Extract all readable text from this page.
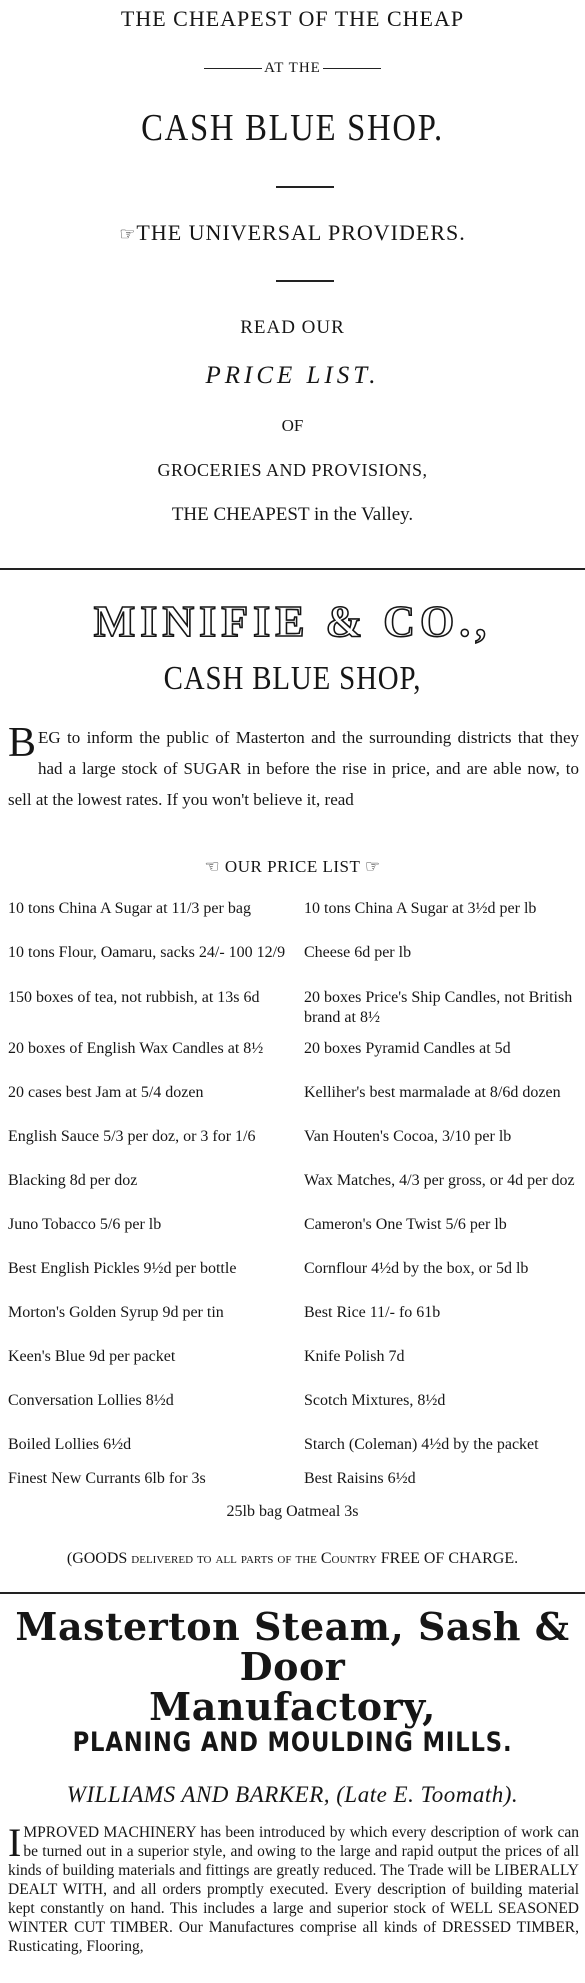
THE CHEAPEST OF THE CHEAP
AT THE
CASH BLUE SHOP.
☞THE UNIVERSAL PROVIDERS.
READ OUR
PRICE LIST.
OF
GROCERIES AND PROVISIONS,
THE CHEAPEST in the Valley.
MINIFIE & CO.,
CASH BLUE SHOP,
BEG to inform the public of Masterton and the surrounding districts that they had a large stock of SUGAR in before the rise in price, and are able now, to sell at the lowest rates. If you won't believe it, read
☜ OUR PRICE LIST ☞
10 tons China A Sugar at 11/3 per bag	10 tons China A Sugar at 3½d per lb
10 tons Flour, Oamaru, sacks 24/- 100 12/9	Cheese 6d per lb
150 boxes of tea, not rubbish, at 13s 6d	20 boxes Price's Ship Candles, not British brand at 8½
20 boxes of English Wax Candles at 8½	20 boxes Pyramid Candles at 5d
20 cases best Jam at 5/4 dozen	Kelliher's best marmalade at 8/6d dozen
English Sauce 5/3 per doz, or 3 for 1/6	Van Houten's Cocoa, 3/10 per lb
Blacking 8d per doz	Wax Matches, 4/3 per gross, or 4d per doz
Juno Tobacco 5/6 per lb	Cameron's One Twist 5/6 per lb
Best English Pickles 9½d per bottle	Cornflour 4½d by the box, or 5d lb
Morton's Golden Syrup 9d per tin	Best Rice 11/- fo 61b
Keen's Blue 9d per packet	Knife Polish 7d
Conversation Lollies 8½d	Scotch Mixtures, 8½d
Boiled Lollies 6½d	Starch (Coleman) 4½d by the packet
Finest New Currants 6lb for 3s	Best Raisins 6½d
25lb bag Oatmeal 3s
(GOODS delivered to all parts of the Country FREE OF CHARGE.
Masterton Steam, Sash & Door
Manufactory,
PLANING AND MOULDING MILLS.
WILLIAMS AND BARKER, (Late E. Toomath).
IMPROVED MACHINERY has been introduced by which every description of work can be turned out in a superior style, and owing to the large and rapid output the prices of all kinds of building materials and fittings are greatly reduced. The Trade will be LIBERALLY DEALT WITH, and all orders promptly executed. Every description of building material kept constantly on hand. This includes a large and superior stock of WELL SEASONED WINTER CUT TIMBER. Our Manufactures comprise all kinds of DRESSED TIMBER, Rusticating, Flooring,
